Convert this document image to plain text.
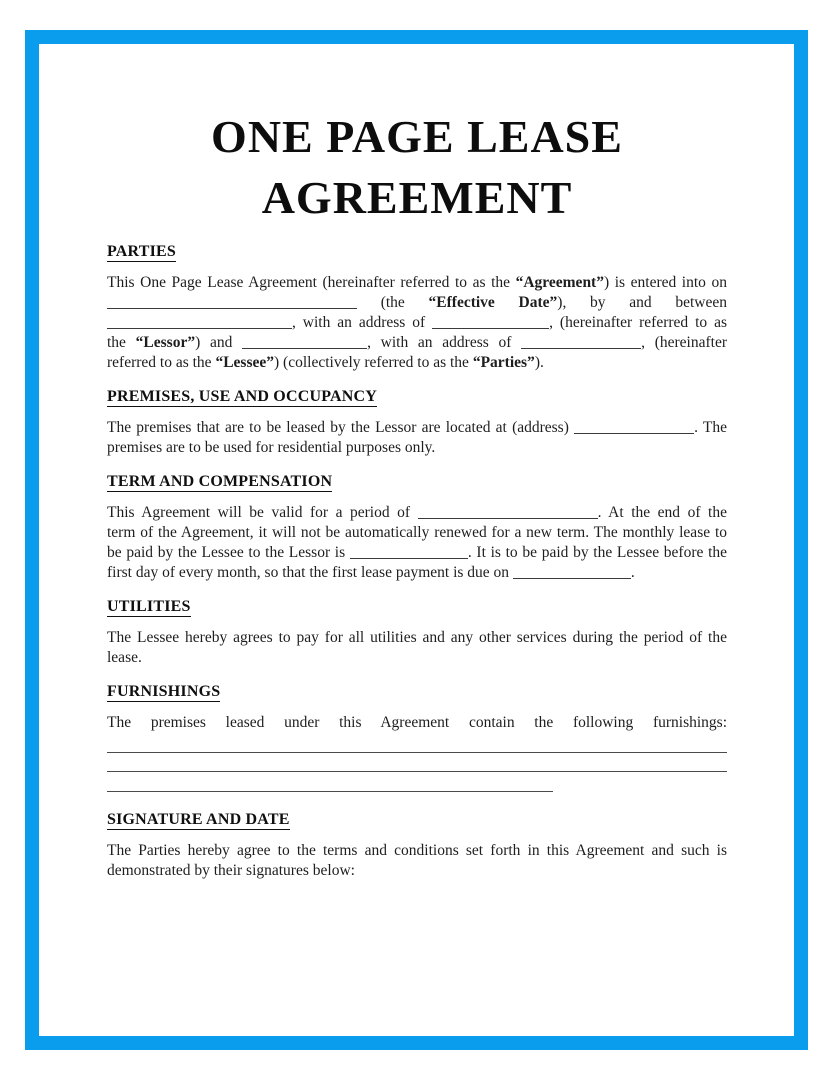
ONE PAGE LEASE
AGREEMENT
PARTIES
This One Page Lease Agreement (hereinafter referred to as the “Agreement”) is entered into on
(the “Effective Date”), by and between
, with an address of	, (hereinafter referred to as
the “Lessor”) and	, with an address of	, (hereinafter
referred to as the “Lessee”) (collectively referred to as the “Parties”).
PREMISES, USE AND OCCUPANCY
The premises that are to be leased by the Lessor are located at (address)	. The
premises are to be used for residential purposes only.
TERM AND COMPENSATION
This Agreement will be valid for a period of	. At the end of the
term of the Agreement, it will not be automatically renewed for a new term. The monthly lease to
be paid by the Lessee to the Lessor is	. It is to be paid by the Lessee before the
first day of every month, so that the first lease payment is due on	.
UTILITIES
The Lessee hereby agrees to pay for all utilities and any other services during the period of the
lease.
FURNISHINGS
The premises leased under this Agreement contain the following furnishings:
SIGNATURE AND DATE
The Parties hereby agree to the terms and conditions set forth in this Agreement and such is
demonstrated by their signatures below:
